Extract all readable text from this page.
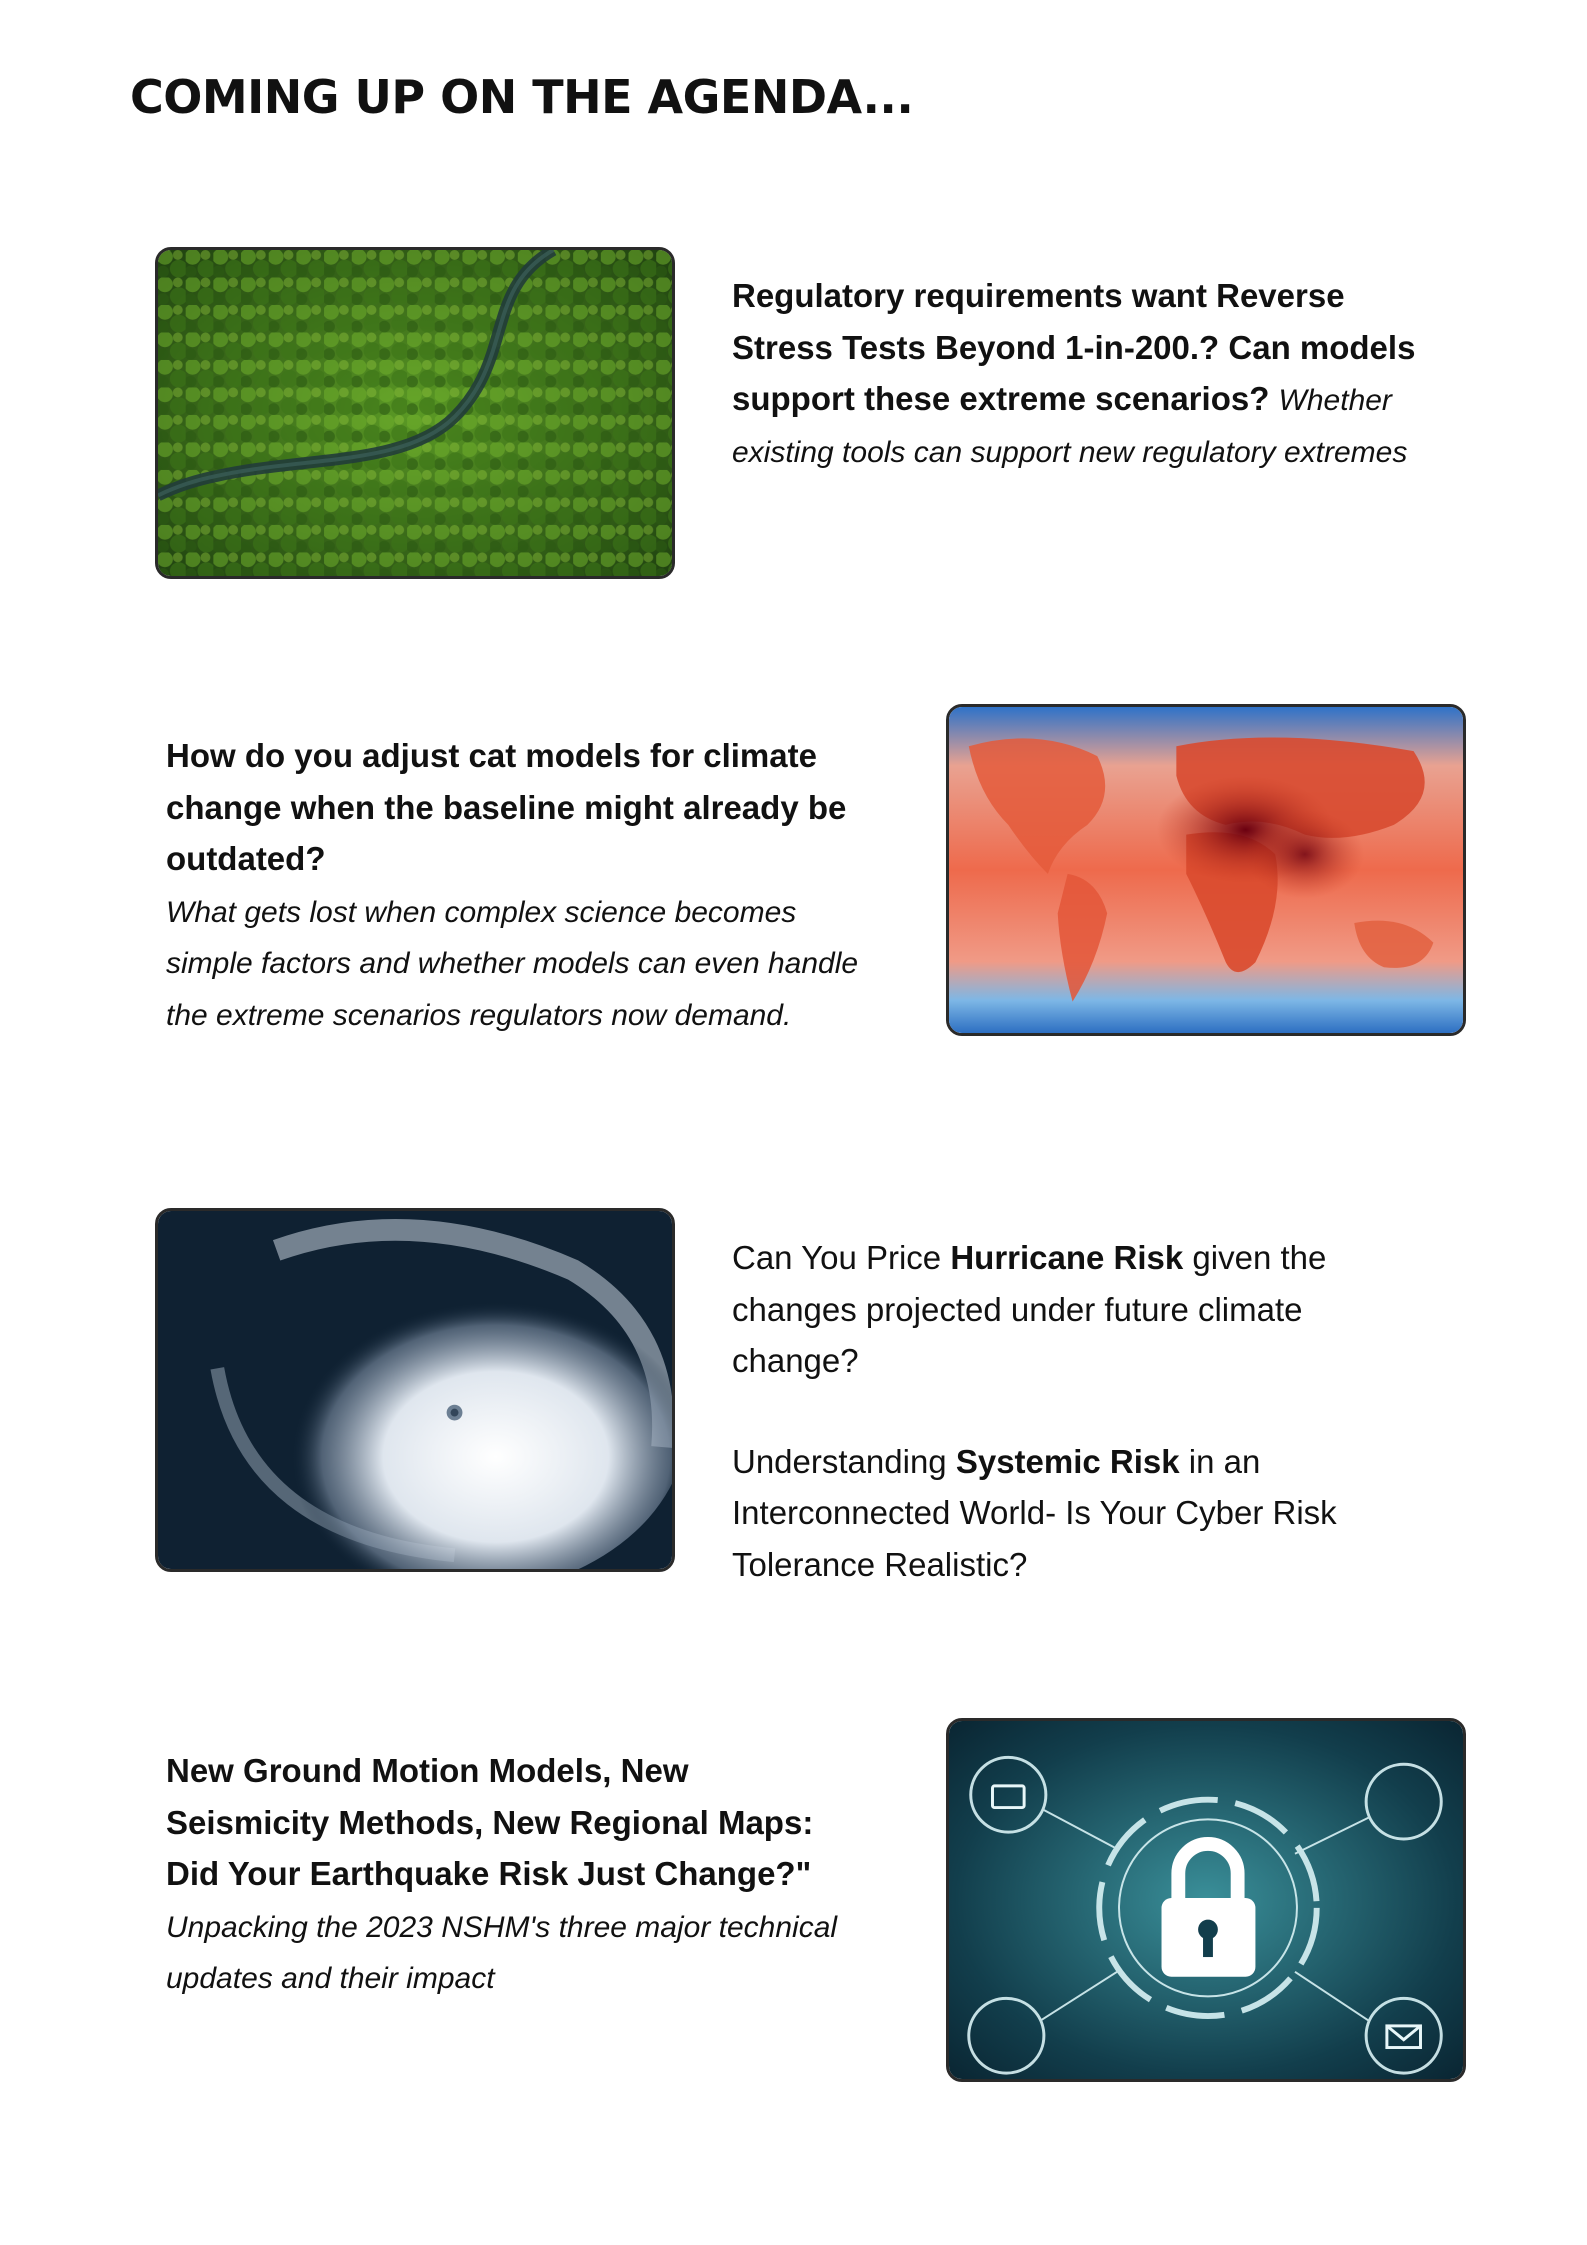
COMING UP ON THE AGENDA...
Regulatory requirements want Reverse Stress Tests Beyond 1-in-200.? Can models support these extreme scenarios? Whether existing tools can support new regulatory extremes
How do you adjust cat models for climate change when the baseline might already be outdated?
What gets lost when complex science becomes simple factors and whether models can even handle the extreme scenarios regulators now demand.

Can You Price Hurricane Risk given the changes projected under future climate change?

Understanding Systemic Risk in an Interconnected World- Is Your Cyber Risk Tolerance Realistic?

New Ground Motion Models, New Seismicity Methods, New Regional Maps: Did Your Earthquake Risk Just Change?" Unpacking the 2023 NSHM's three major technical updates and their impact
